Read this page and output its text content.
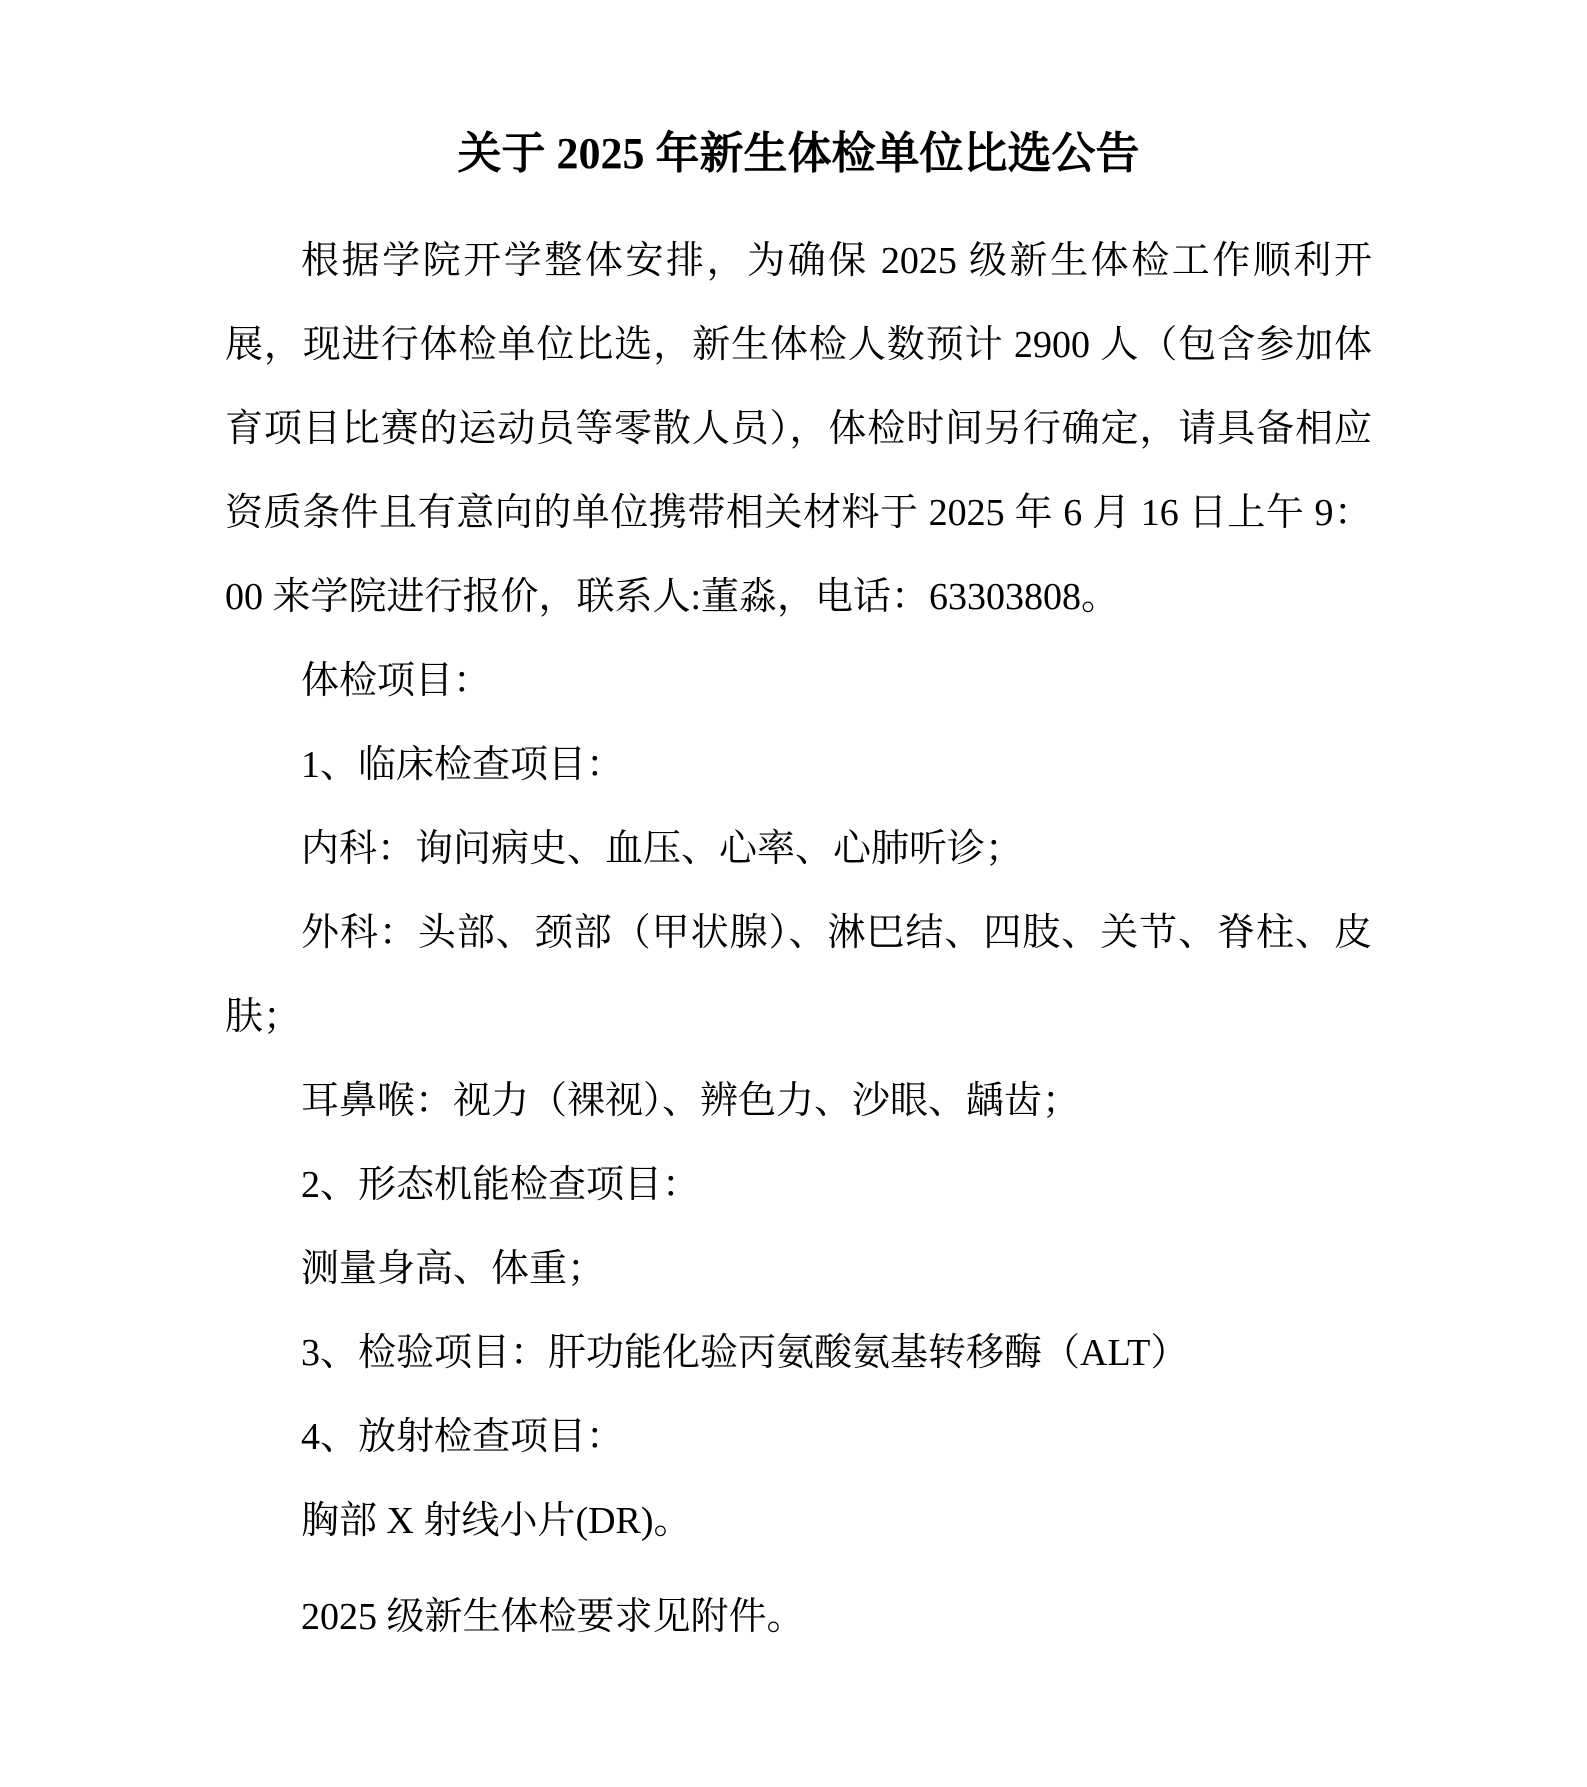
关于 2025 年新生体检单位比选公告

根据学院开学整体安排，为确保 2025 级新生体检工作顺利开展，现进行体检单位比选，新生体检人数预计 2900 人（包含参加体育项目比赛的运动员等零散人员），体检时间另行确定，请具备相应资质条件且有意向的单位携带相关材料于 2025 年 6 月 16 日上午 9：00 来学院进行报价，联系人:董淼，电话：63303808。

体检项目：

1、临床检查项目：

内科：询问病史、血压、心率、心肺听诊；

外科：头部、颈部（甲状腺）、淋巴结、四肢、关节、脊柱、皮肤；

耳鼻喉：视力（裸视）、辨色力、沙眼、龋齿；

2、形态机能检查项目：

测量身高、体重；

3、检验项目：肝功能化验丙氨酸氨基转移酶（ALT）

4、放射检查项目：

胸部 X 射线小片(DR)。

2025 级新生体检要求见附件。
